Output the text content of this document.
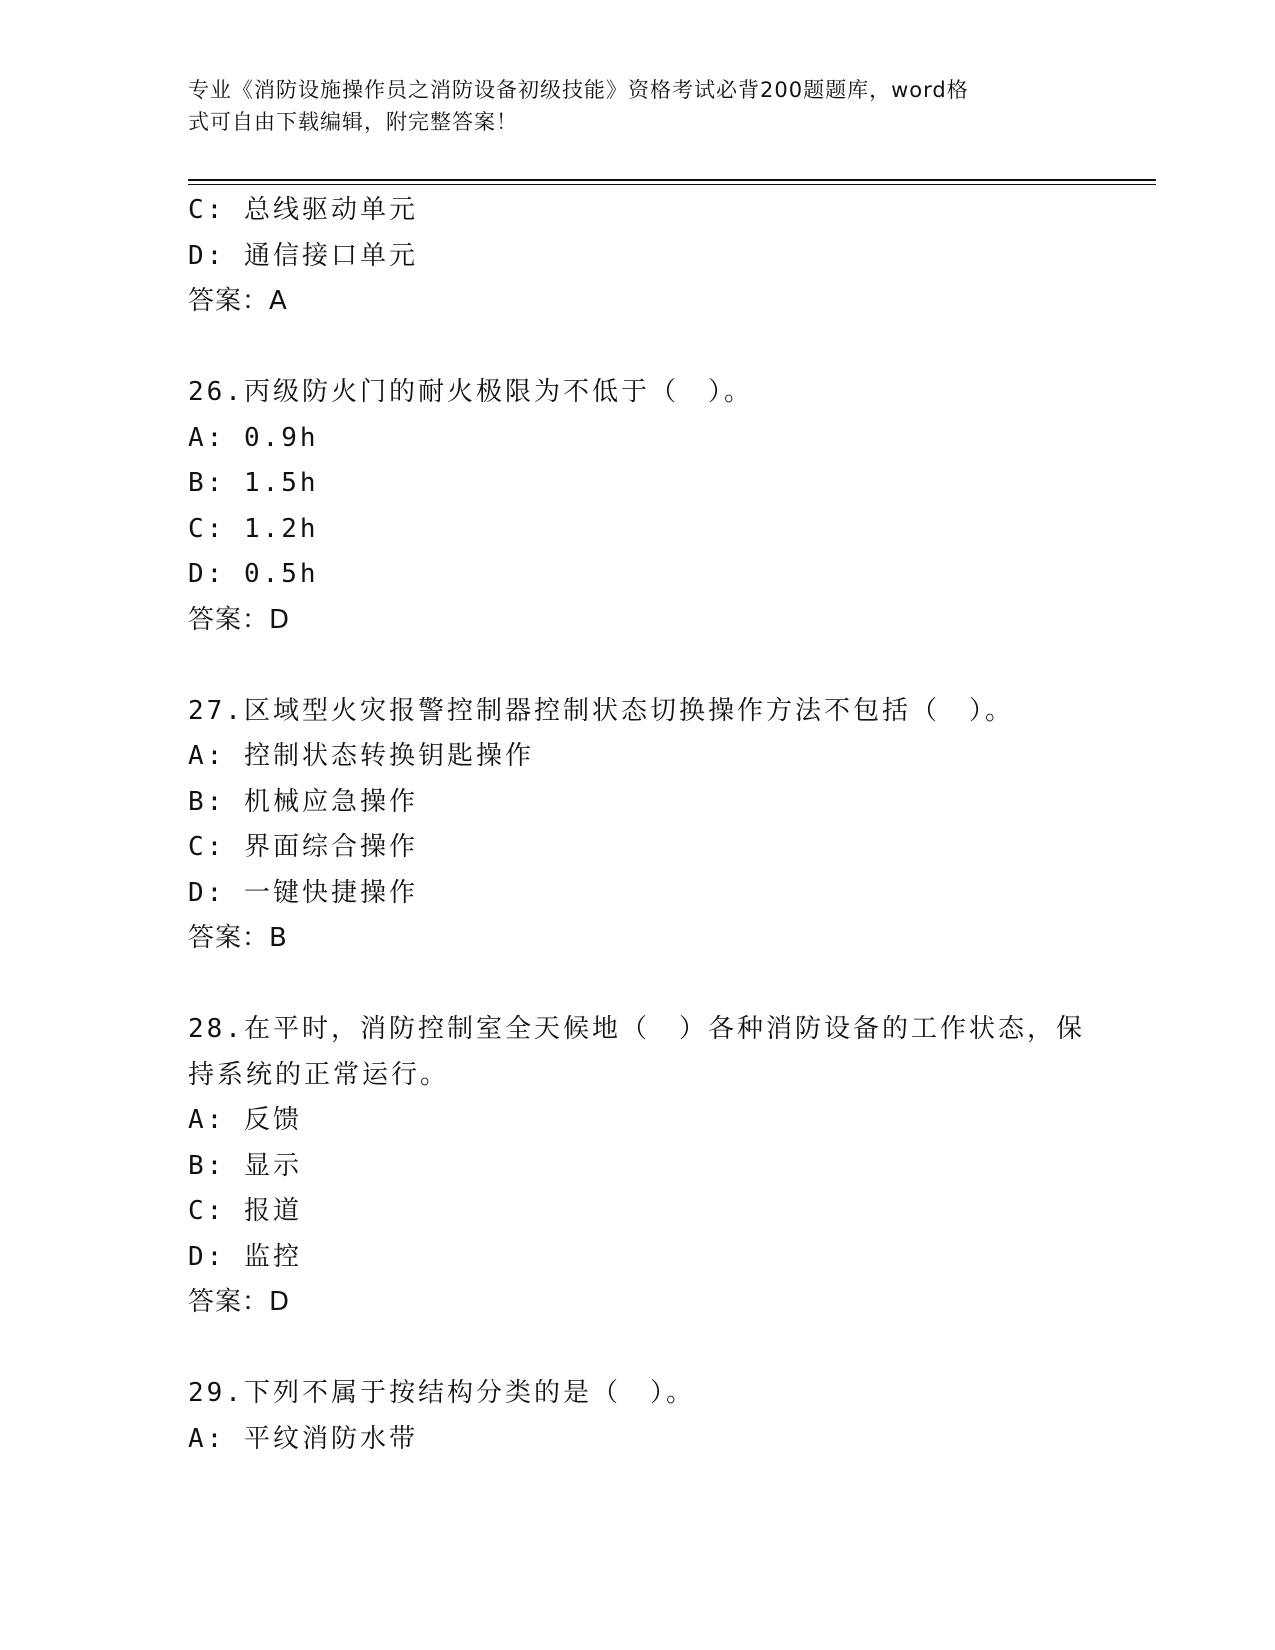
专业《消防设施操作员之消防设备初级技能》资格考试必背200题题库，word格
式可自由下载编辑，附完整答案！
C: 总线驱动单元
D: 通信接口单元
答案：A
26.丙级防火门的耐火极限为不低于（　）。
A: 0.9h
B: 1.5h
C: 1.2h
D: 0.5h
答案：D
27.区域型火灾报警控制器控制状态切换操作方法不包括（　）。
A: 控制状态转换钥匙操作
B: 机械应急操作
C: 界面综合操作
D: 一键快捷操作
答案：B
28.在平时，消防控制室全天候地（　）各种消防设备的工作状态，保
持系统的正常运行。
A: 反馈
B: 显示
C: 报道
D: 监控
答案：D
29.下列不属于按结构分类的是（　）。
A: 平纹消防水带
